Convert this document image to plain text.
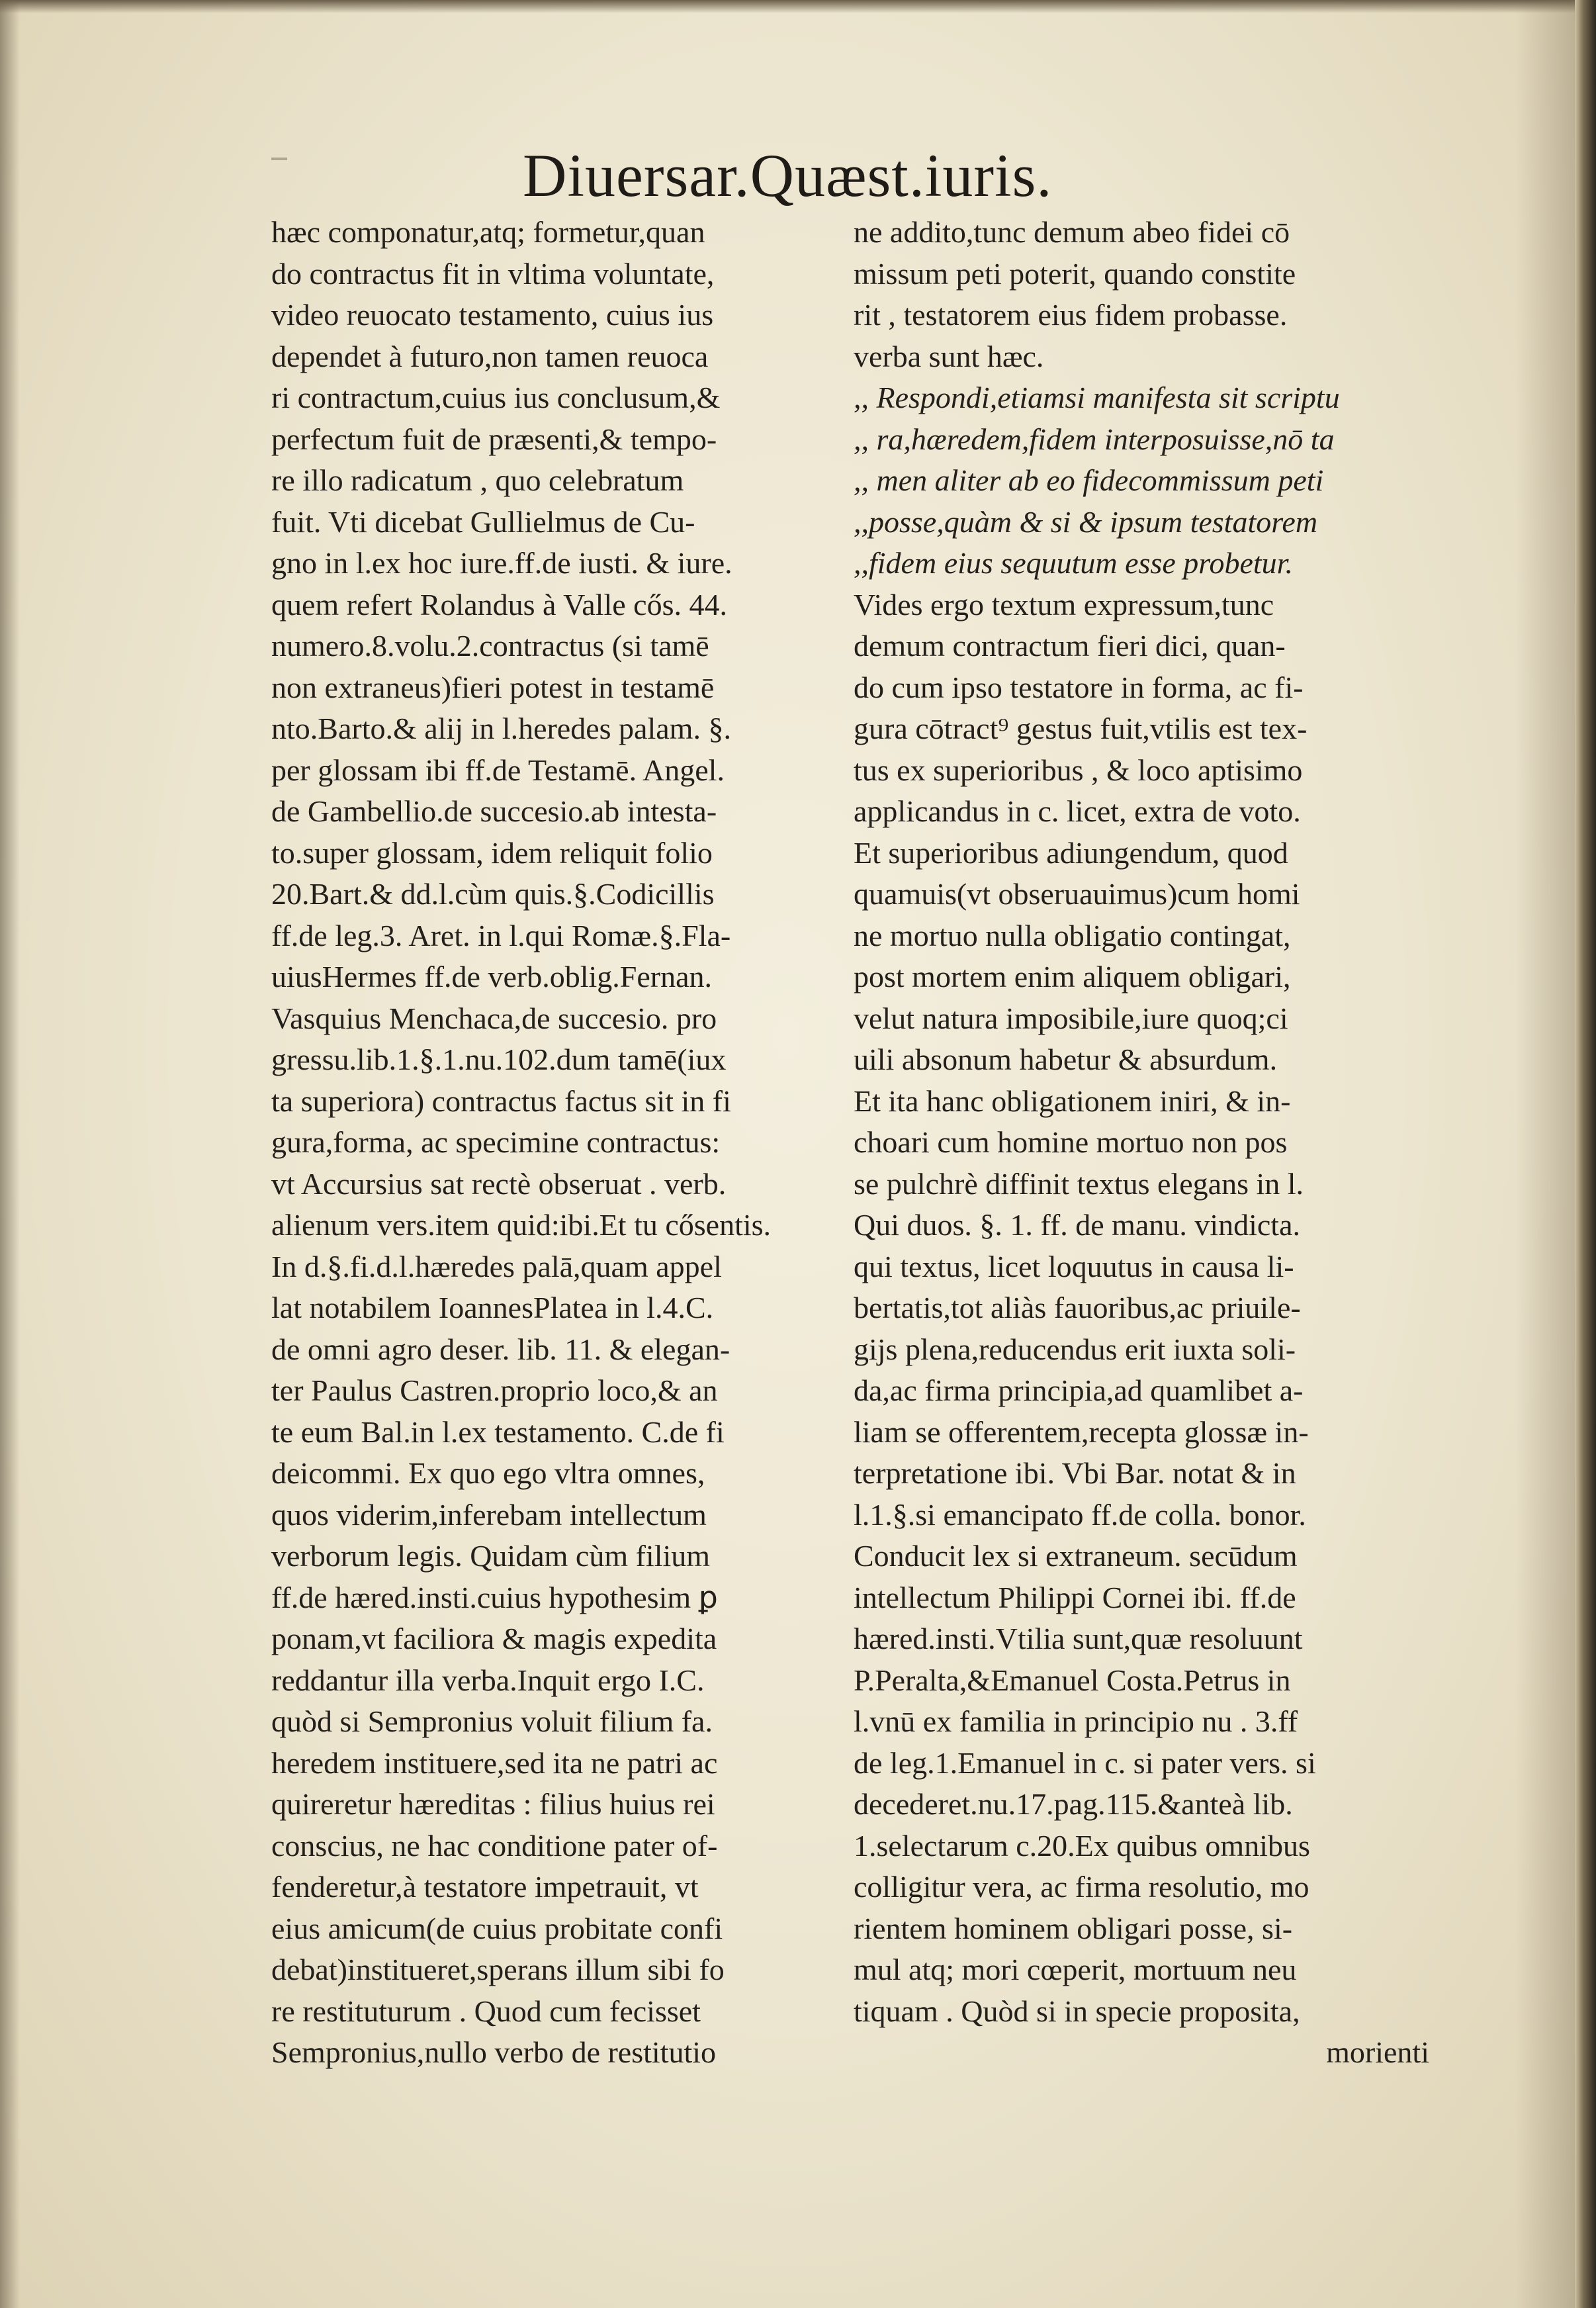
Diuersar.Quæst.iuris.
hæc componatur,atq; formetur,quan
do contractus fit in vltima voluntate,
video reuocato testamento, cuius ius
dependet à futuro,non tamen reuoca
ri contractum,cuius ius conclusum,&
perfectum fuit de præsenti,& tempo-
re illo radicatum , quo celebratum
fuit. Vti dicebat Gullielmus de Cu-
gno in l.ex hoc iure.ff.de iusti. & iure.
quem refert Rolandus à Valle cős. 44.
numero.8.volu.2.contractus (si tamē
non extraneus)fieri potest in testamē
nto.Barto.& alij in l.heredes palam. §.
per glossam ibi ff.de Testamē. Angel.
de Gambellio.de succesio.ab intesta-
to.super glossam, idem reliquit folio
20.Bart.& dd.l.cùm quis.§.Codicillis
ff.de leg.3. Aret. in l.qui Romæ.§.Fla-
uiusHermes ff.de verb.oblig.Fernan.
Vasquius Menchaca,de succesio. pro
gressu.lib.1.§.1.nu.102.dum tamē(iux
ta superiora) contractus factus sit in fi
gura,forma, ac specimine contractus:
vt Accursius sat rectè obseruat . verb.
alienum vers.item quid:ibi.Et tu cősentis.
In d.§.fi.d.l.hæredes palā,quam appel
lat notabilem IoannesPlatea in l.4.C.
de omni agro deser. lib. 11. & elegan-
ter Paulus Castren.proprio loco,& an
te eum Bal.in l.ex testamento. C.de fi
deicommi. Ex quo ego vltra omnes,
quos viderim,inferebam intellectum
verborum legis. Quidam cùm filium
ff.de hæred.insti.cuius hypothesim ꝑ
ponam,vt faciliora & magis expedita
reddantur illa verba.Inquit ergo I.C.
quòd si Sempronius voluit filium fa.
heredem instituere,sed ita ne patri ac
quireretur hæreditas : filius huius rei
conscius, ne hac conditione pater of-
fenderetur,à testatore impetrauit, vt
eius amicum(de cuius probitate confi
debat)institueret,sperans illum sibi fo
re restituturum . Quod cum fecisset
Sempronius,nullo verbo de restitutio
ne addito,tunc demum abeo fidei cō
missum peti poterit, quando constite
rit , testatorem eius fidem probasse.
verba sunt hæc.
,, Respondi,etiamsi manifesta sit scriptu
,, ra,hæredem,fidem interposuisse,nō ta
,, men aliter ab eo fidecommissum peti
,,posse,quàm & si & ipsum testatorem
,,fidem eius sequutum esse probetur.
Vides ergo textum expressum,tunc
demum contractum fieri dici, quan-
do cum ipso testatore in forma, ac fi-
gura cōtract⁹ gestus fuit,vtilis est tex-
tus ex superioribus , & loco aptisimo
applicandus in c. licet, extra de voto.
Et superioribus adiungendum, quod
quamuis(vt obseruauimus)cum homi
ne mortuo nulla obligatio contingat,
post mortem enim aliquem obligari,
velut natura imposibile,iure quoq;ci
uili absonum habetur & absurdum.
Et ita hanc obligationem iniri, & in-
choari cum homine mortuo non pos
se pulchrè diffinit textus elegans in l.
Qui duos. §. 1. ff. de manu. vindicta.
qui textus, licet loquutus in causa li-
bertatis,tot aliàs fauoribus,ac priuile-
gijs plena,reducendus erit iuxta soli-
da,ac firma principia,ad quamlibet a-
liam se offerentem,recepta glossæ in-
terpretatione ibi. Vbi Bar. notat & in
l.1.§.si emancipato ff.de colla. bonor.
Conducit lex si extraneum. secūdum
intellectum Philippi Cornei ibi. ff.de
hæred.insti.Vtilia sunt,quæ resoluunt
P.Peralta,&Emanuel Costa.Petrus in
l.vnū ex familia in principio nu . 3.ff
de leg.1.Emanuel in c. si pater vers. si
decederet.nu.17.pag.115.&anteà lib.
1.selectarum c.20.Ex quibus omnibus
colligitur vera, ac firma resolutio, mo
rientem hominem obligari posse, si-
mul atq; mori cœperit, mortuum neu
tiquam . Quòd si in specie proposita,
morienti
